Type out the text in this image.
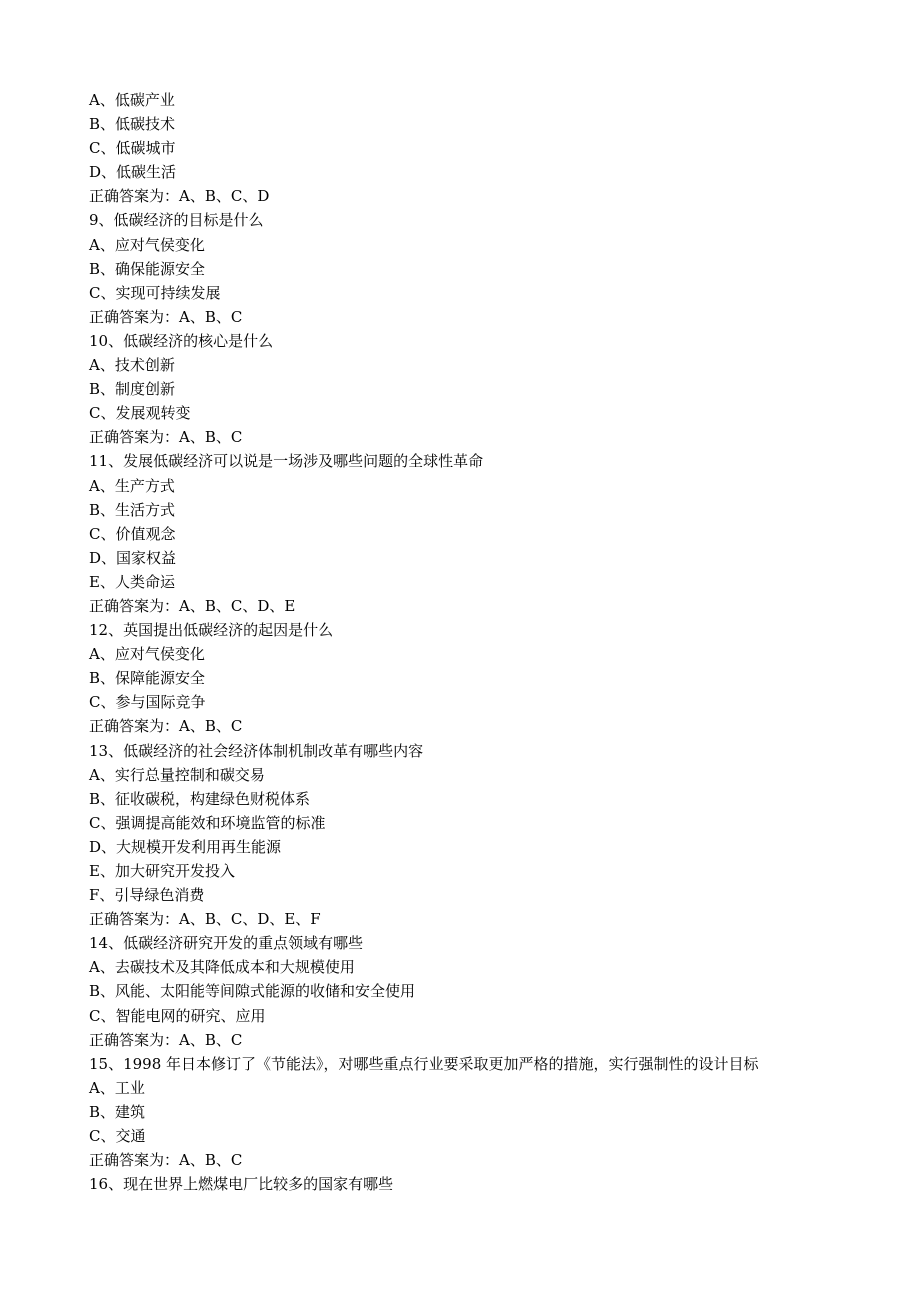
A、低碳产业
B、低碳技术
C、低碳城市
D、低碳生活
正确答案为：A、B、C、D
9、低碳经济的目标是什么
A、应对气侯变化
B、确保能源安全
C、实现可持续发展
正确答案为：A、B、C
10、低碳经济的核心是什么
A、技术创新
B、制度创新
C、发展观转变
正确答案为：A、B、C
11、发展低碳经济可以说是一场涉及哪些问题的全球性革命
A、生产方式
B、生活方式
C、价值观念
D、国家权益
E、人类命运
正确答案为：A、B、C、D、E
12、英国提出低碳经济的起因是什么
A、应对气侯变化
B、保障能源安全
C、参与国际竞争
正确答案为：A、B、C
13、低碳经济的社会经济体制机制改革有哪些内容
A、实行总量控制和碳交易
B、征收碳税，构建绿色财税体系
C、强调提高能效和环境监管的标准
D、大规模开发利用再生能源
E、加大研究开发投入
F、引导绿色消费
正确答案为：A、B、C、D、E、F
14、低碳经济研究开发的重点领域有哪些
A、去碳技术及其降低成本和大规模使用
B、风能、太阳能等间隙式能源的收储和安全使用
C、智能电网的研究、应用
正确答案为：A、B、C
15、1998 年日本修订了《节能法》，对哪些重点行业要采取更加严格的措施，实行强制性的设计目标
A、工业
B、建筑
C、交通
正确答案为：A、B、C
16、现在世界上燃煤电厂比较多的国家有哪些
